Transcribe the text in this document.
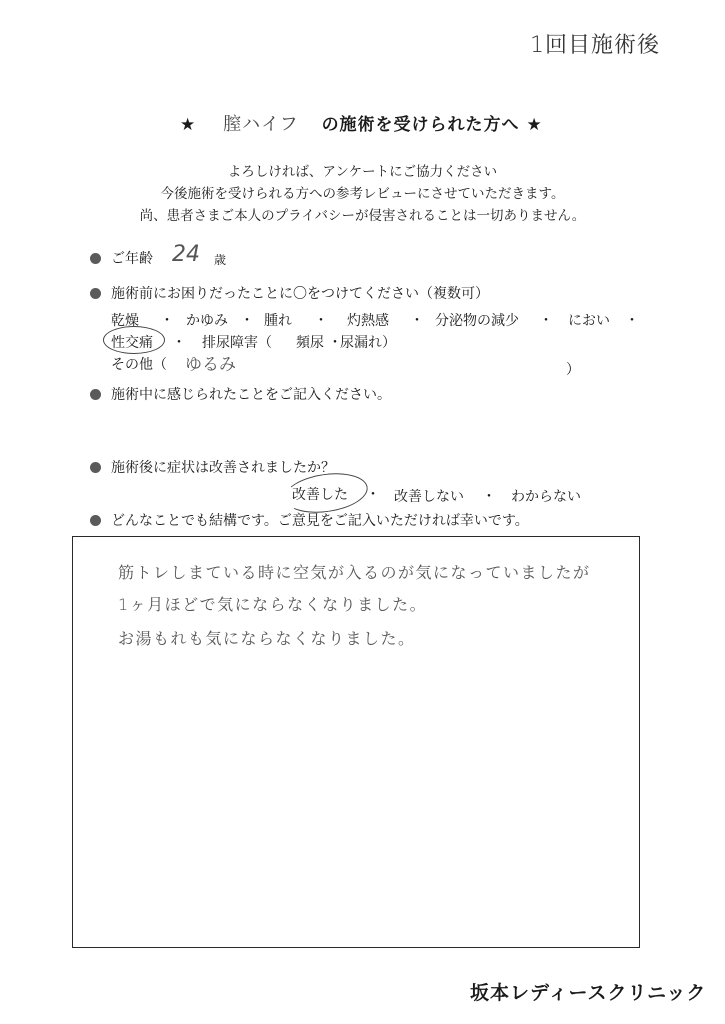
1回目施術後
★ 膣ハイフ の施術を受けられた方へ ★
よろしければ、アンケートにご協力ください
今後施術を受けられる方への参考レビューにさせていただきます。
尚、患者さまご本人のプライバシーが侵害されることは一切ありません。
ご年齢 24 歳
施術前にお困りだったことに〇をつけてください（複数可）
乾燥 ・ かゆみ ・ 腫れ ・ 灼熱感 ・ 分泌物の減少 ・ におい ・
性交痛 ・ 排尿障害（ 頻尿 ・
尿漏れ）
その他（ ゆるみ	）
施術中に感じられたことをご記入ください。
施術後に症状は改善されましたか？
改善した ・ 改善しない ・ わからない
どんなことでも結構です。ご意見をご記入いただければ幸いです。
筋トレしまている時に空気が入るのが気になっていましたが
1ヶ月ほどで気にならなくなりました。
お湯もれも気にならなくなりました。
坂本レディースクリニック
